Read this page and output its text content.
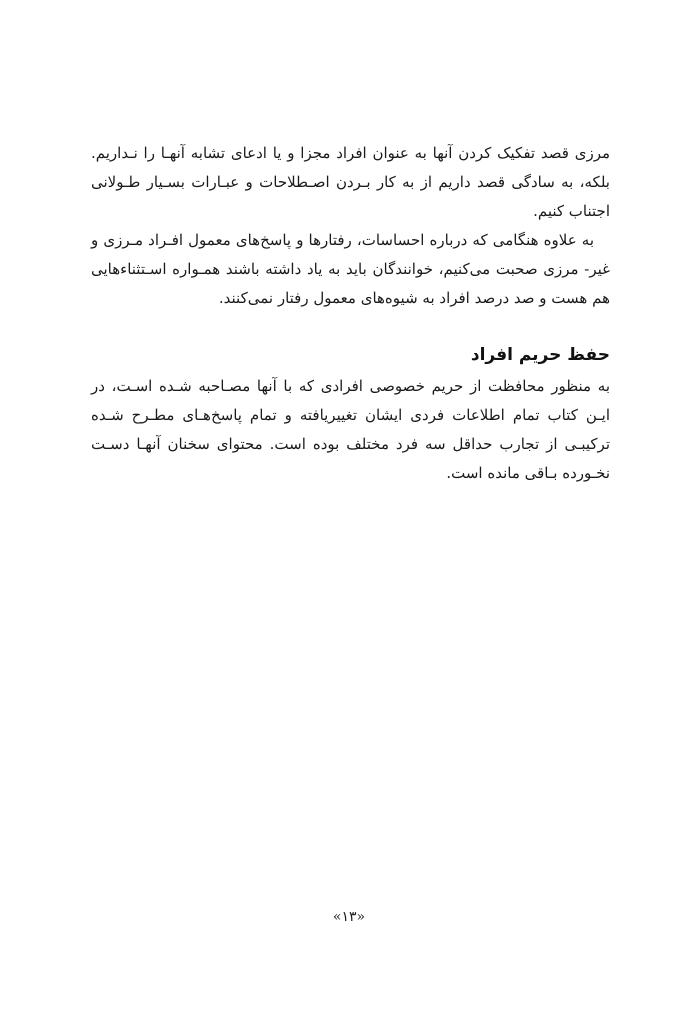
مرزی قصد تفکیک کردن آنها به عنوان افراد مجزا و یا ادعای تشابه آنهـا را نـداریم. بلکه، به سادگی قصد داریم از به کار بـردن اصـطلاحات و عبـارات بسـیار طـولانی اجتناب کنیم.

به علاوه هنگامی که درباره احساسات، رفتارها و پاسخ‌های معمول افـراد مـرزی و غیر- مرزی صحبت می‌کنیم، خوانندگان باید به یاد داشته باشند همـواره اسـتثناءهایی هم هست و صد درصد افراد به شیوه‌های معمول رفتار نمی‌کنند.

حفظ حریم افراد

به منظور محافظت از حریم خصوصی افرادی که با آنها مصـاحبه شـده اسـت، در ایـن کتاب تمام اطلاعات فردی ایشان تغییریافته و تمام پاسخ‌هـای مطـرح شـده ترکیبـی از تجارب حداقل سه فرد مختلف بوده است. محتوای سخنان آنهـا دسـت نخـورده بـاقی مانده است.

«۱۳»
